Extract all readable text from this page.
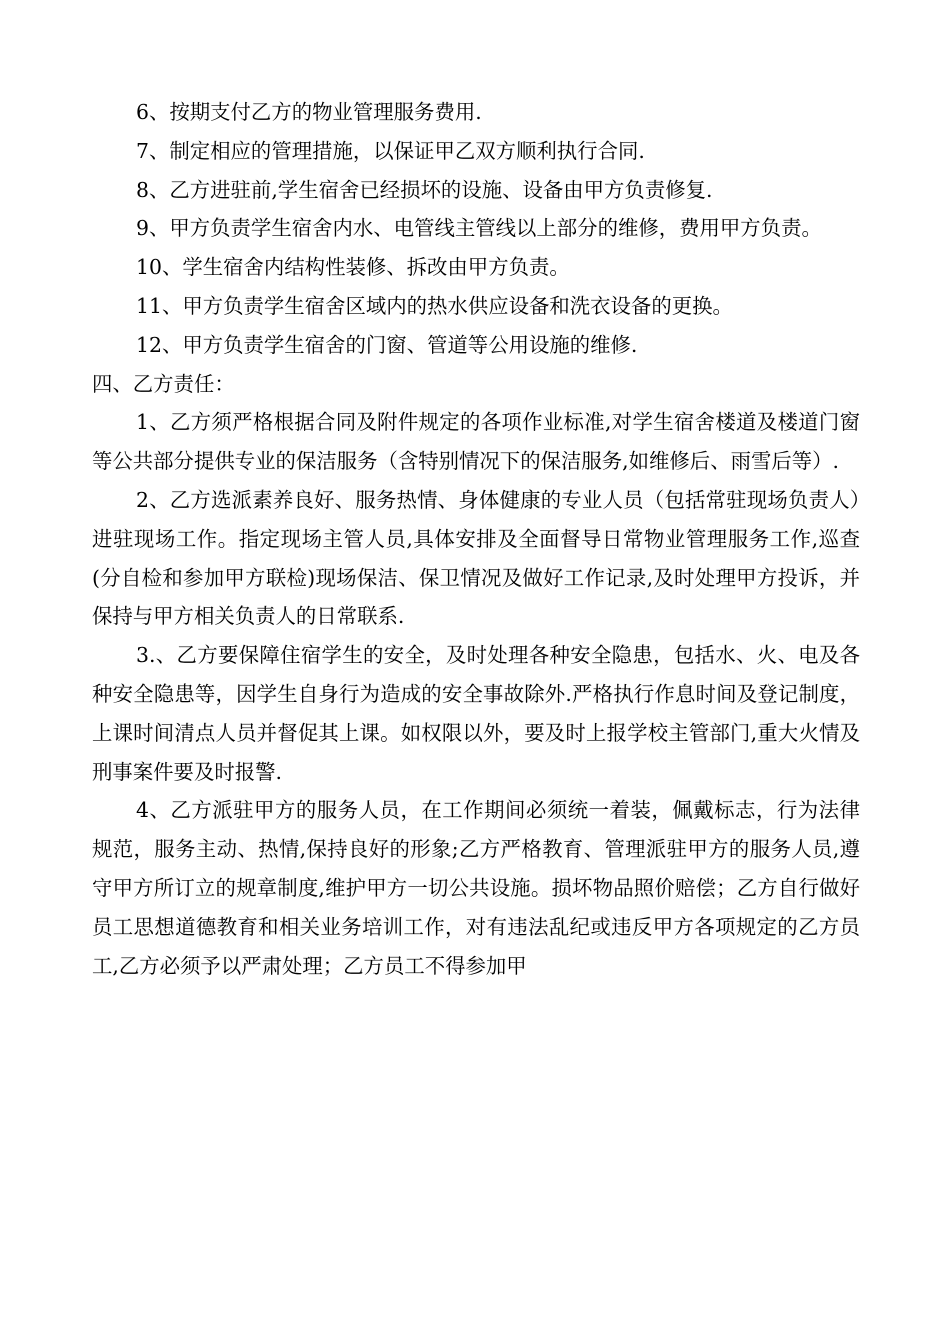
6、按期支付乙方的物业管理服务费用.

7、制定相应的管理措施，以保证甲乙双方顺利执行合同.

8、乙方进驻前,学生宿舍已经损坏的设施、设备由甲方负责修复.

9、甲方负责学生宿舍内水、电管线主管线以上部分的维修，费用甲方负责。

10、学生宿舍内结构性装修、拆改由甲方负责。

11、甲方负责学生宿舍区域内的热水供应设备和洗衣设备的更换。

12、甲方负责学生宿舍的门窗、管道等公用设施的维修.

四、乙方责任：

1、乙方须严格根据合同及附件规定的各项作业标准,对学生宿舍楼道及楼道门窗等公共部分提供专业的保洁服务（含特别情况下的保洁服务,如维修后、雨雪后等）.

2、乙方选派素养良好、服务热情、身体健康的专业人员（包括常驻现场负责人）进驻现场工作。指定现场主管人员,具体安排及全面督导日常物业管理服务工作,巡查(分自检和参加甲方联检)现场保洁、保卫情况及做好工作记录,及时处理甲方投诉，并保持与甲方相关负责人的日常联系.

3.、乙方要保障住宿学生的安全，及时处理各种安全隐患，包括水、火、电及各种安全隐患等，因学生自身行为造成的安全事故除外.严格执行作息时间及登记制度，上课时间清点人员并督促其上课。如权限以外，要及时上报学校主管部门,重大火情及刑事案件要及时报警.

4、乙方派驻甲方的服务人员，在工作期间必须统一着装，佩戴标志，行为法律规范，服务主动、热情,保持良好的形象;乙方严格教育、管理派驻甲方的服务人员,遵守甲方所订立的规章制度,维护甲方一切公共设施。损坏物品照价赔偿；乙方自行做好员工思想道德教育和相关业务培训工作，对有违法乱纪或违反甲方各项规定的乙方员工,乙方必须予以严肃处理；乙方员工不得参加甲
